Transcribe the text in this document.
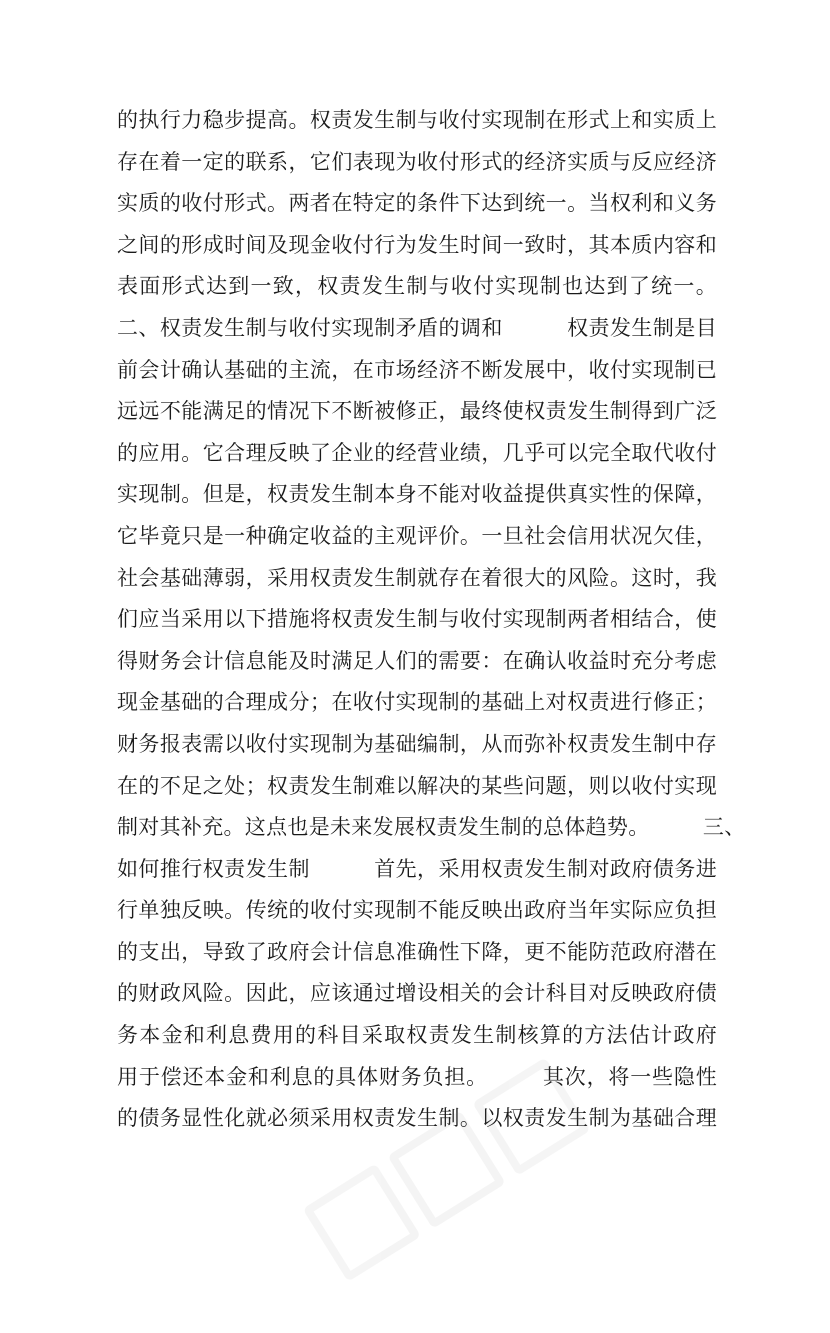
的执行力稳步提高。权责发生制与收付实现制在形式上和实质上
存在着一定的联系，它们表现为收付形式的经济实质与反应经济
实质的收付形式。两者在特定的条件下达到统一。当权利和义务
之间的形成时间及现金收付行为发生时间一致时，其本质内容和
表面形式达到一致，权责发生制与收付实现制也达到了统一。
二、权责发生制与收付实现制矛盾的调和　　　权责发生制是目
前会计确认基础的主流，在市场经济不断发展中，收付实现制已
远远不能满足的情况下不断被修正，最终使权责发生制得到广泛
的应用。它合理反映了企业的经营业绩，几乎可以完全取代收付
实现制。但是，权责发生制本身不能对收益提供真实性的保障，
它毕竟只是一种确定收益的主观评价。一旦社会信用状况欠佳，
社会基础薄弱，采用权责发生制就存在着很大的风险。这时，我
们应当采用以下措施将权责发生制与收付实现制两者相结合，使
得财务会计信息能及时满足人们的需要：在确认收益时充分考虑
现金基础的合理成分；在收付实现制的基础上对权责进行修正；
财务报表需以收付实现制为基础编制，从而弥补权责发生制中存
在的不足之处；权责发生制难以解决的某些问题，则以收付实现
制对其补充。这点也是未来发展权责发生制的总体趋势。　　　三、
如何推行权责发生制　　　首先，采用权责发生制对政府债务进
行单独反映。传统的收付实现制不能反映出政府当年实际应负担
的支出，导致了政府会计信息准确性下降，更不能防范政府潜在
的财政风险。因此，应该通过增设相关的会计科目对反映政府债
务本金和利息费用的科目采取权责发生制核算的方法估计政府
用于偿还本金和利息的具体财务负担。　　　其次，将一些隐性
的债务显性化就必须采用权责发生制。以权责发生制为基础合理
